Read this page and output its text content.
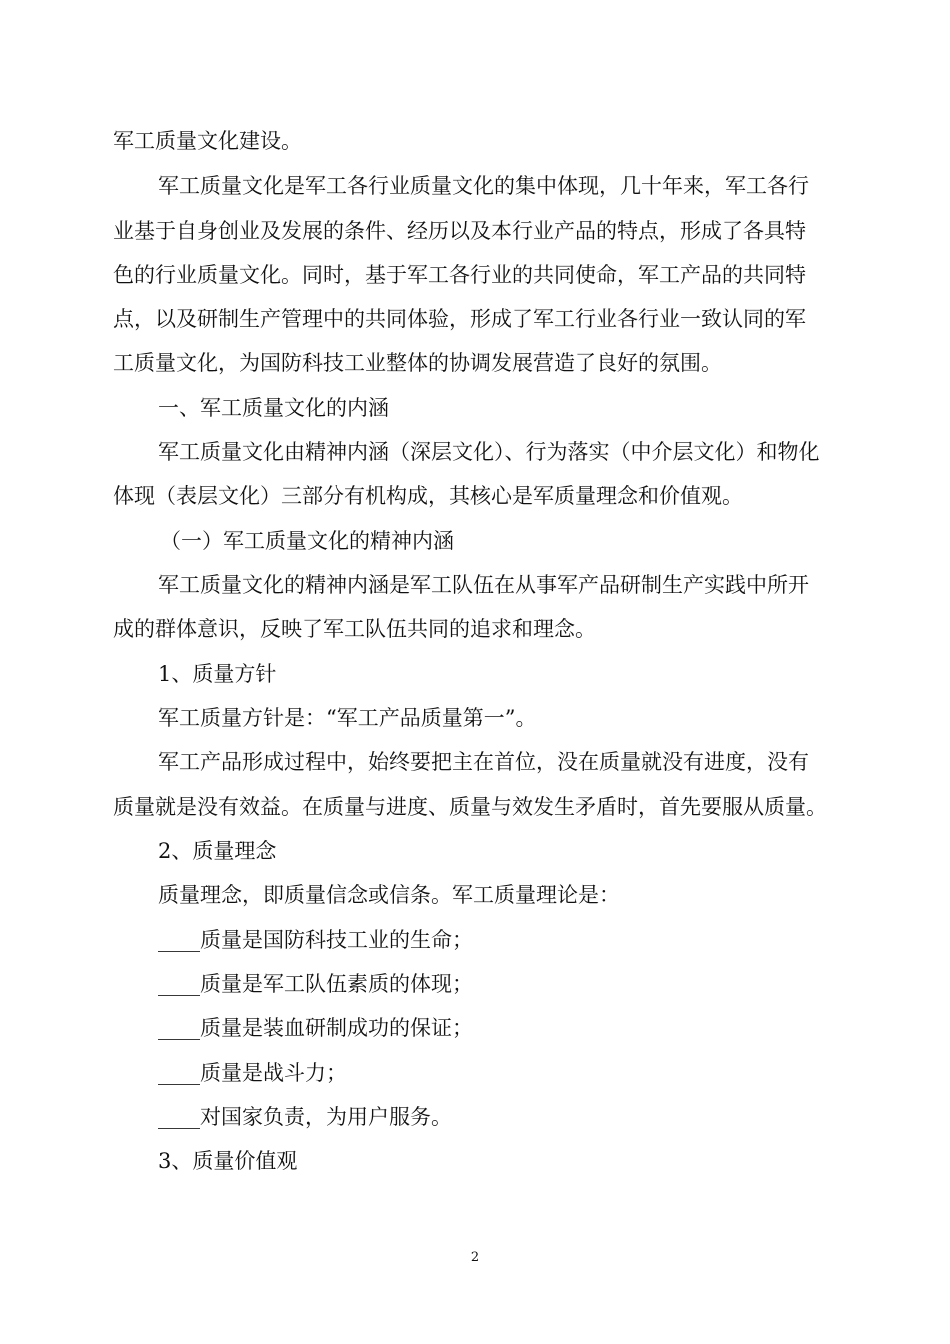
军工质量文化建设。
军工质量文化是军工各行业质量文化的集中体现，几十年来，军工各行
业基于自身创业及发展的条件、经历以及本行业产品的特点，形成了各具特
色的行业质量文化。同时，基于军工各行业的共同使命，军工产品的共同特
点，以及研制生产管理中的共同体验，形成了军工行业各行业一致认同的军
工质量文化，为国防科技工业整体的协调发展营造了良好的氛围。
一、军工质量文化的内涵
军工质量文化由精神内涵（深层文化）、行为落实（中介层文化）和物化
体现（表层文化）三部分有机构成，其核心是军质量理念和价值观。
（一）军工质量文化的精神内涵
军工质量文化的精神内涵是军工队伍在从事军产品研制生产实践中所开
成的群体意识，反映了军工队伍共同的追求和理念。
1、质量方针
军工质量方针是：“军工产品质量第一”。
军工产品形成过程中，始终要把主在首位，没在质量就没有进度，没有
质量就是没有效益。在质量与进度、质量与效发生矛盾时，首先要服从质量。
2、质量理念
质量理念，即质量信念或信条。军工质量理论是：
____质量是国防科技工业的生命；
____质量是军工队伍素质的体现；
____质量是装血研制成功的保证；
____质量是战斗力；
____对国家负责，为用户服务。
3、质量价值观
2
